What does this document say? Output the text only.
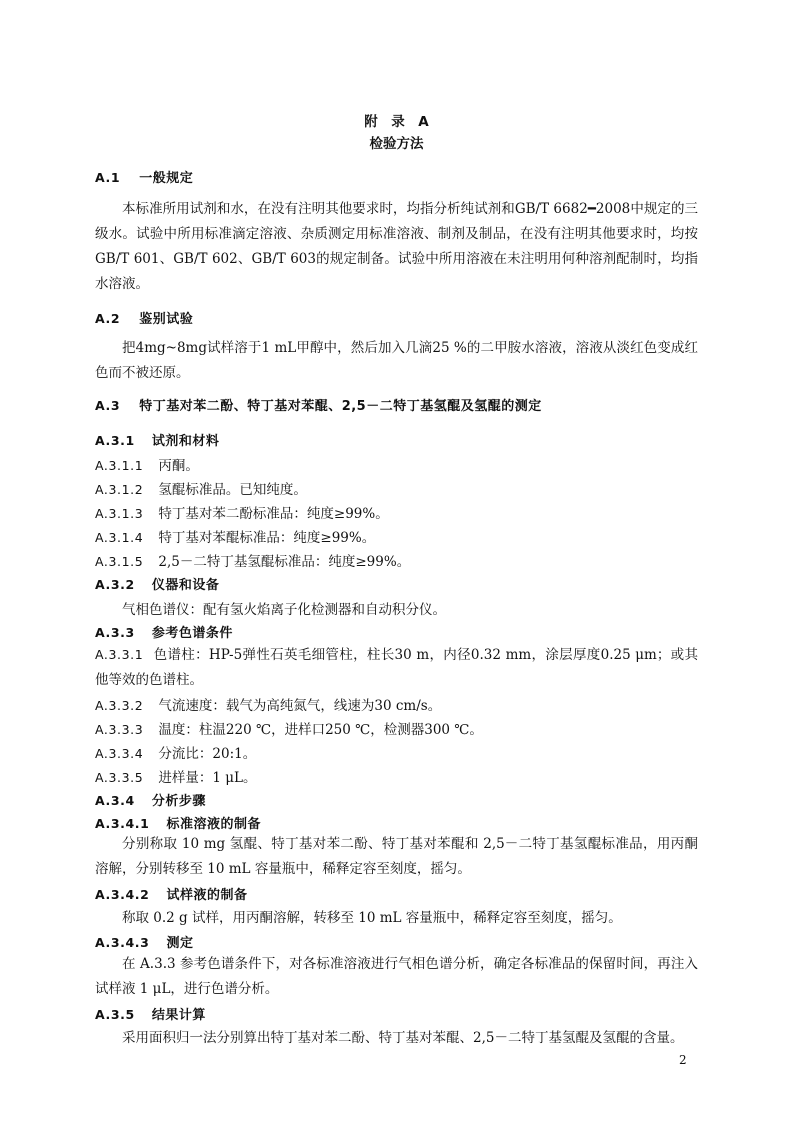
附　录　A
检验方法
A.1 一般规定
本标准所用试剂和水，在没有注明其他要求时，均指分析纯试剂和GB/T 6682━2008中规定的三级水。试验中所用标准滴定溶液、杂质测定用标准溶液、制剂及制品，在没有注明其他要求时，均按GB/T 601、GB/T 602、GB/T 603的规定制备。试验中所用溶液在未注明用何种溶剂配制时，均指水溶液。
A.2 鉴别试验
把4mg~8mg试样溶于1 mL甲醇中，然后加入几滴25 %的二甲胺水溶液，溶液从淡红色变成红色而不被还原。
A.3 特丁基对苯二酚、特丁基对苯醌、2,5－二特丁基氢醌及氢醌的测定
A.3.1 试剂和材料
A.3.1.1 丙酮。
A.3.1.2 氢醌标准品。已知纯度。
A.3.1.3 特丁基对苯二酚标准品：纯度≥99%。
A.3.1.4 特丁基对苯醌标准品：纯度≥99%。
A.3.1.5 2,5－二特丁基氢醌标准品：纯度≥99%。
A.3.2 仪器和设备
气相色谱仪：配有氢火焰离子化检测器和自动积分仪。
A.3.3 参考色谱条件
A.3.3.1 色谱柱：HP-5弹性石英毛细管柱，柱长30 m，内径0.32 mm，涂层厚度0.25 μm；或其他等效的色谱柱。
A.3.3.2 气流速度：载气为高纯氮气，线速为30 cm/s。
A.3.3.3 温度：柱温220 ℃，进样口250 ℃，检测器300 ℃。
A.3.3.4 分流比：20:1。
A.3.3.5 进样量：1 μL。
A.3.4 分析步骤
A.3.4.1 标准溶液的制备
分别称取 10 mg 氢醌、特丁基对苯二酚、特丁基对苯醌和 2,5－二特丁基氢醌标准品，用丙酮溶解，分别转移至 10 mL 容量瓶中，稀释定容至刻度，摇匀。
A.3.4.2 试样液的制备
称取 0.2 g 试样，用丙酮溶解，转移至 10 mL 容量瓶中，稀释定容至刻度，摇匀。
A.3.4.3 测定
在 A.3.3 参考色谱条件下，对各标准溶液进行气相色谱分析，确定各标准品的保留时间，再注入试样液 1 μL，进行色谱分析。
A.3.5 结果计算
采用面积归一法分别算出特丁基对苯二酚、特丁基对苯醌、2,5－二特丁基氢醌及氢醌的含量。
2
